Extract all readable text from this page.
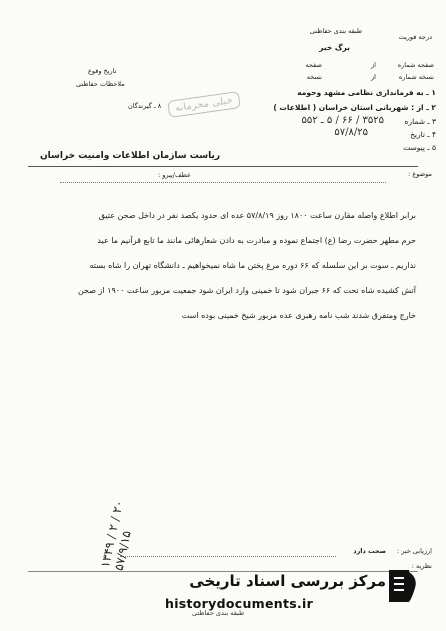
طبقه بندی حفاظتی
درجه فوریت
برگ خبر
صفحه شماره
از
صفحه
نسخه شماره
از
نسخه
۱ ـ به فرمانداری نظامی مشهد وحومه
۲ ـ از : شهربانی استان خراسان ( اطلاعات )
۳ ـ شماره
۳۵۲۵ / ۶۶ / ۵ ـ ۵۵۲
۴ ـ تاریخ
۵۷/۸/۲۵
۵ ـ پیوست
تاریخ وقوع
ملاحظات حفاظتی
۸ ـ گیرندگان	خیلی محرمانه
ریاست سازمان اطلاعات وامنیت خراسان
موضوع :
عطف/پیرو :
برابر اطلاع واصله مقارن ساعت ۱۸۰۰ روز ۵۷/۸/۱۹ عده ای حدود یکصد نفر در داخل صحن عتیق
حرم مطهر حضرت رضا (ع) اجتماع نموده و مبادرت به دادن شعارهائی مانند ما تابع قرآنیم ما عید
نداریم ـ سوت بر این سلسله که ۶۶ دوره مرغ پختن ما شاه نمیخواهیم ـ دانشگاه تهران را شاه بسته
آتش کشیده شاه تحت که ۶۶ جبران شود تا خمینی وارد ایران شود جمعیت مزبور ساعت ۱۹۰۰ از صحن
خارج ومتفرق شدند شب نامه رهبری عده مزبور شیخ خمینی بوده است
ارزیابی خبر :
صحت دارد
نظریه :
۱۳۴۹ / ۲ / ۲۰
۵۷/۹/۱۵
مرکز بررسی اسناد تاریخی
historydocuments.ir
طبقه بندی حفاظتی
